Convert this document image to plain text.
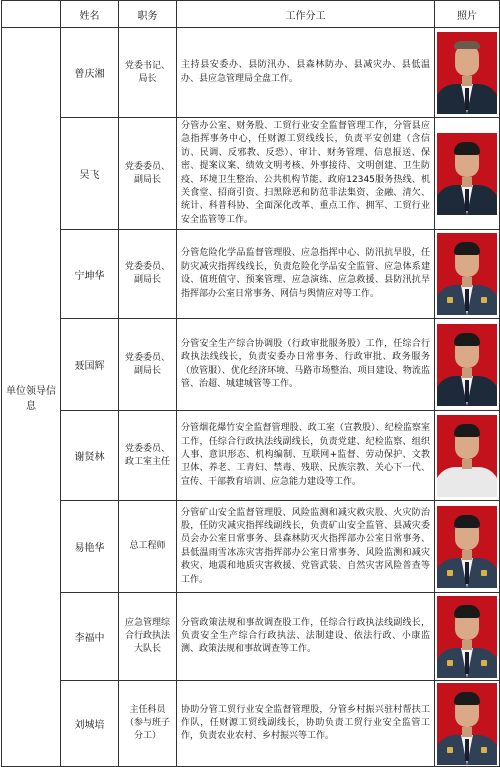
	姓名	职务	工作分工	照片
单位领导信息	曾庆湘	党委书记、局长	主持县安委办、县防汛办、县森林防办、县减灾办、县低温办、县应急管理局全盘工作。	

	吴飞	党委委员、副局长	分管办公室、财务股、工贸行业安全监督管理工作，分管县应急指挥事务中心，任财源工贸线线长，负责平安创建（含信访、民调、反邪教、反恐）、审计、财务管理、信息报送、保密、提案议案、绩效文明考核、外事接待、文明创建、卫生防疫、环境卫生整治、公共机构节能、政府12345服务热线、机关食堂、招商引资、扫黑除恶和防范非法集资、金融、清欠、统计、科普科协、全面深化改革、重点工作、拥军、工贸行业安全监管等工作。	

	宁坤华	党委委员、副局长	分管危险化学品监督管理股、应急指挥中心、防汛抗旱股，任防灾减灾指挥线线长，负责危险化学品安全监管、应急体系建设、值班值守、预案管理、应急演练、应急救援、县防汛抗旱指挥部办公室日常事务、网信与舆情应对等工作。	

	聂国辉	党委委员、副局长	分管安全生产综合协调股（行政审批服务股）工作，任综合行政执法线线长，负责安委办日常事务、行政审批、政务服务（放管服）、优化经济环境、马路市场整治、项目建设、物流监管、治超、城建城管等工作。	

	谢贤林	党委委员、政工室主任	分管烟花爆竹安全监督管理股、政工室（宣教股）、纪检监察室工作，任综合行政执法线副线长，负责党建、纪检监察、组织人事、意识形态、机构编制、互联网+监督、劳动保护、文教卫体、养老、工青妇、禁毒、残联、民族宗教、关心下一代、宣传、干部教育培训、应急能力建设等工作。	

	易艳华	总工程师	分管矿山安全监督管理股、风险监测和减灾救灾股、火灾防治股，任防灾减灾指挥线副线长，负责矿山安全监管、县减灾委员会办公室日常事务、县森林防灭火指挥部办公室日常事务、县低温雨雪冰冻灾害指挥部办公室日常事务、风险监测和减灾救灾、地震和地质灾害救援、党管武装、自然灾害风险普查等工作。	

	李福中	应急管理综合行政执法大队长	分管政策法规和事故调查股工作，任综合行政执法线副线长，负责安全生产综合行政执法、法制建设、依法行政、小康监测、政策法规和事故调查等工作。	

	刘城培	主任科员（参与班子分工）	协助分管工贸行业安全监督管理股，分管乡村振兴驻村帮扶工作队，任财源工贸线副线长，协助负责工贸行业安全监管工作，负责农业农村、乡村振兴等工作。	
